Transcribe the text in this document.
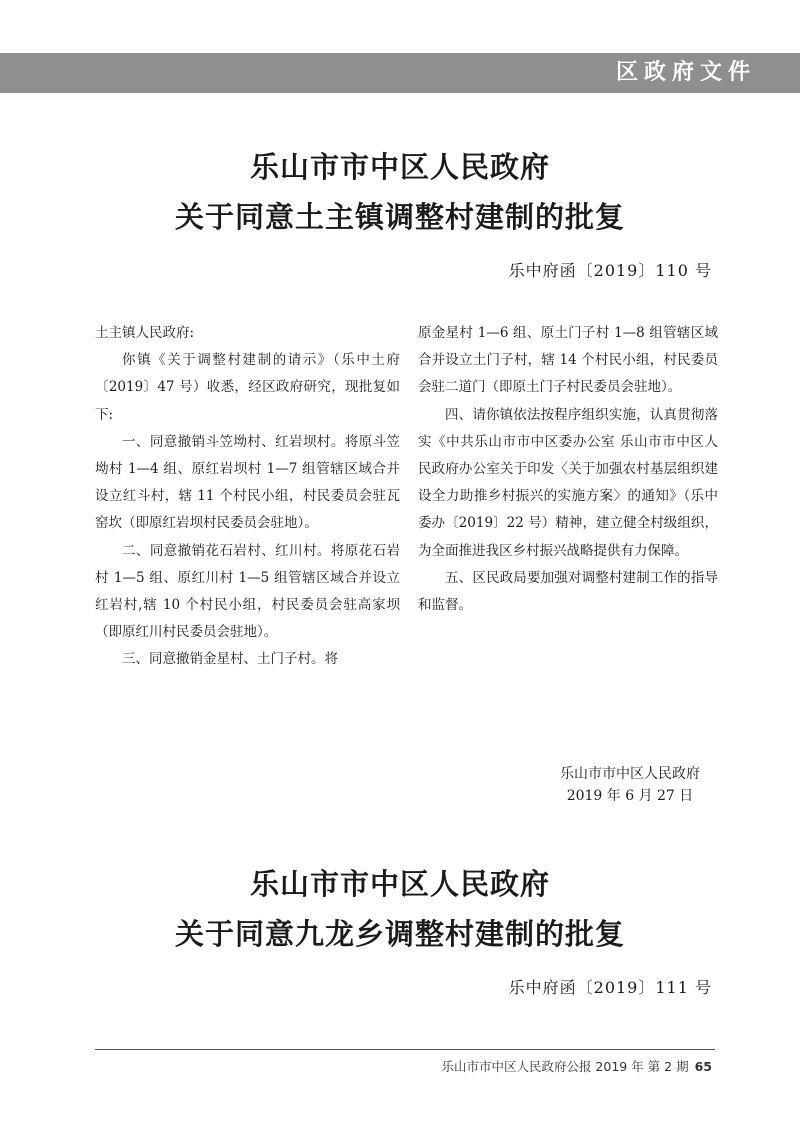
区政府文件
乐山市市中区人民政府
关于同意土主镇调整村建制的批复
乐中府函〔2019〕110 号

土主镇人民政府:

你镇《关于调整村建制的请示》（乐中土府〔2019〕47 号）收悉，经区政府研究，现批复如下:

一、同意撤销斗笠坳村、红岩坝村。将原斗笠坳村 1—4 组、原红岩坝村 1—7 组管辖区域合并设立红斗村，辖 11 个村民小组，村民委员会驻瓦窑坎（即原红岩坝村民委员会驻地）。

二、同意撤销花石岩村、红川村。将原花石岩村 1—5 组、原红川村 1—5 组管辖区域合并设立红岩村,辖 10 个村民小组，村民委员会驻高家坝（即原红川村民委员会驻地）。

三、同意撤销金星村、土门子村。将

原金星村 1—6 组、原土门子村 1—8 组管辖区域合并设立土门子村，辖 14 个村民小组，村民委员会驻二道门（即原土门子村民委员会驻地）。

四、请你镇依法按程序组织实施，认真贯彻落实《中共乐山市市中区委办公室 乐山市市中区人民政府办公室关于印发〈关于加强农村基层组织建设全力助推乡村振兴的实施方案〉的通知》（乐中委办〔2019〕22 号）精神，建立健全村级组织，为全面推进我区乡村振兴战略提供有力保障。

五、区民政局要加强对调整村建制工作的指导和监督。

乐山市市中区人民政府
2019 年 6 月 27 日
乐山市市中区人民政府
关于同意九龙乡调整村建制的批复
乐中府函〔2019〕111 号
乐山市市中区人民政府公报 2019 年 第 2 期 65
